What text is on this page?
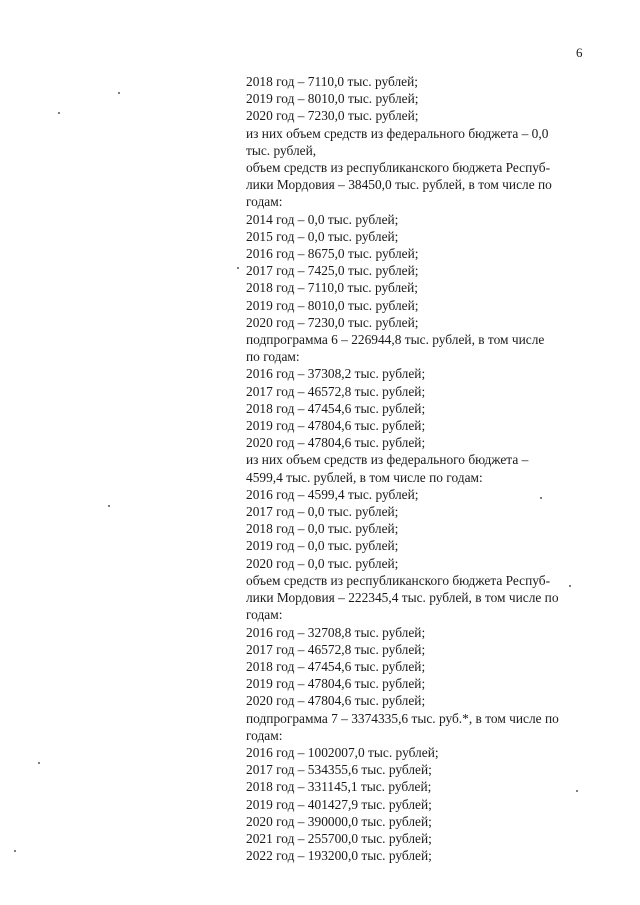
6
2018 год – 7110,0 тыс. рублей;
2019 год – 8010,0 тыс. рублей;
2020 год – 7230,0 тыс. рублей;
из них объем средств из федерального бюджета – 0,0
тыс. рублей,
объем средств из республиканского бюджета Респуб-
лики Мордовия – 38450,0 тыс. рублей, в том числе по
годам:
2014 год – 0,0 тыс. рублей;
2015 год – 0,0 тыс. рублей;
2016 год – 8675,0 тыс. рублей;
2017 год – 7425,0 тыс. рублей;
2018 год – 7110,0 тыс. рублей;
2019 год – 8010,0 тыс. рублей;
2020 год – 7230,0 тыс. рублей;
подпрограмма 6 – 226944,8 тыс. рублей, в том числе
по годам:
2016 год – 37308,2 тыс. рублей;
2017 год – 46572,8 тыс. рублей;
2018 год – 47454,6 тыс. рублей;
2019 год – 47804,6 тыс. рублей;
2020 год – 47804,6 тыс. рублей;
из них объем средств из федерального бюджета –
4599,4 тыс. рублей, в том числе по годам:
2016 год – 4599,4 тыс. рублей;
2017 год – 0,0 тыс. рублей;
2018 год – 0,0 тыс. рублей;
2019 год – 0,0 тыс. рублей;
2020 год – 0,0 тыс. рублей;
объем средств из республиканского бюджета Респуб-
лики Мордовия – 222345,4 тыс. рублей, в том числе по
годам:
2016 год – 32708,8 тыс. рублей;
2017 год – 46572,8 тыс. рублей;
2018 год – 47454,6 тыс. рублей;
2019 год – 47804,6 тыс. рублей;
2020 год – 47804,6 тыс. рублей;
подпрограмма 7 – 3374335,6 тыс. руб.*, в том числе по
годам:
2016 год – 1002007,0 тыс. рублей;
2017 год – 534355,6 тыс. рублей;
2018 год – 331145,1 тыс. рублей;
2019 год – 401427,9 тыс. рублей;
2020 год – 390000,0 тыс. рублей;
2021 год – 255700,0 тыс. рублей;
2022 год – 193200,0 тыс. рублей;
